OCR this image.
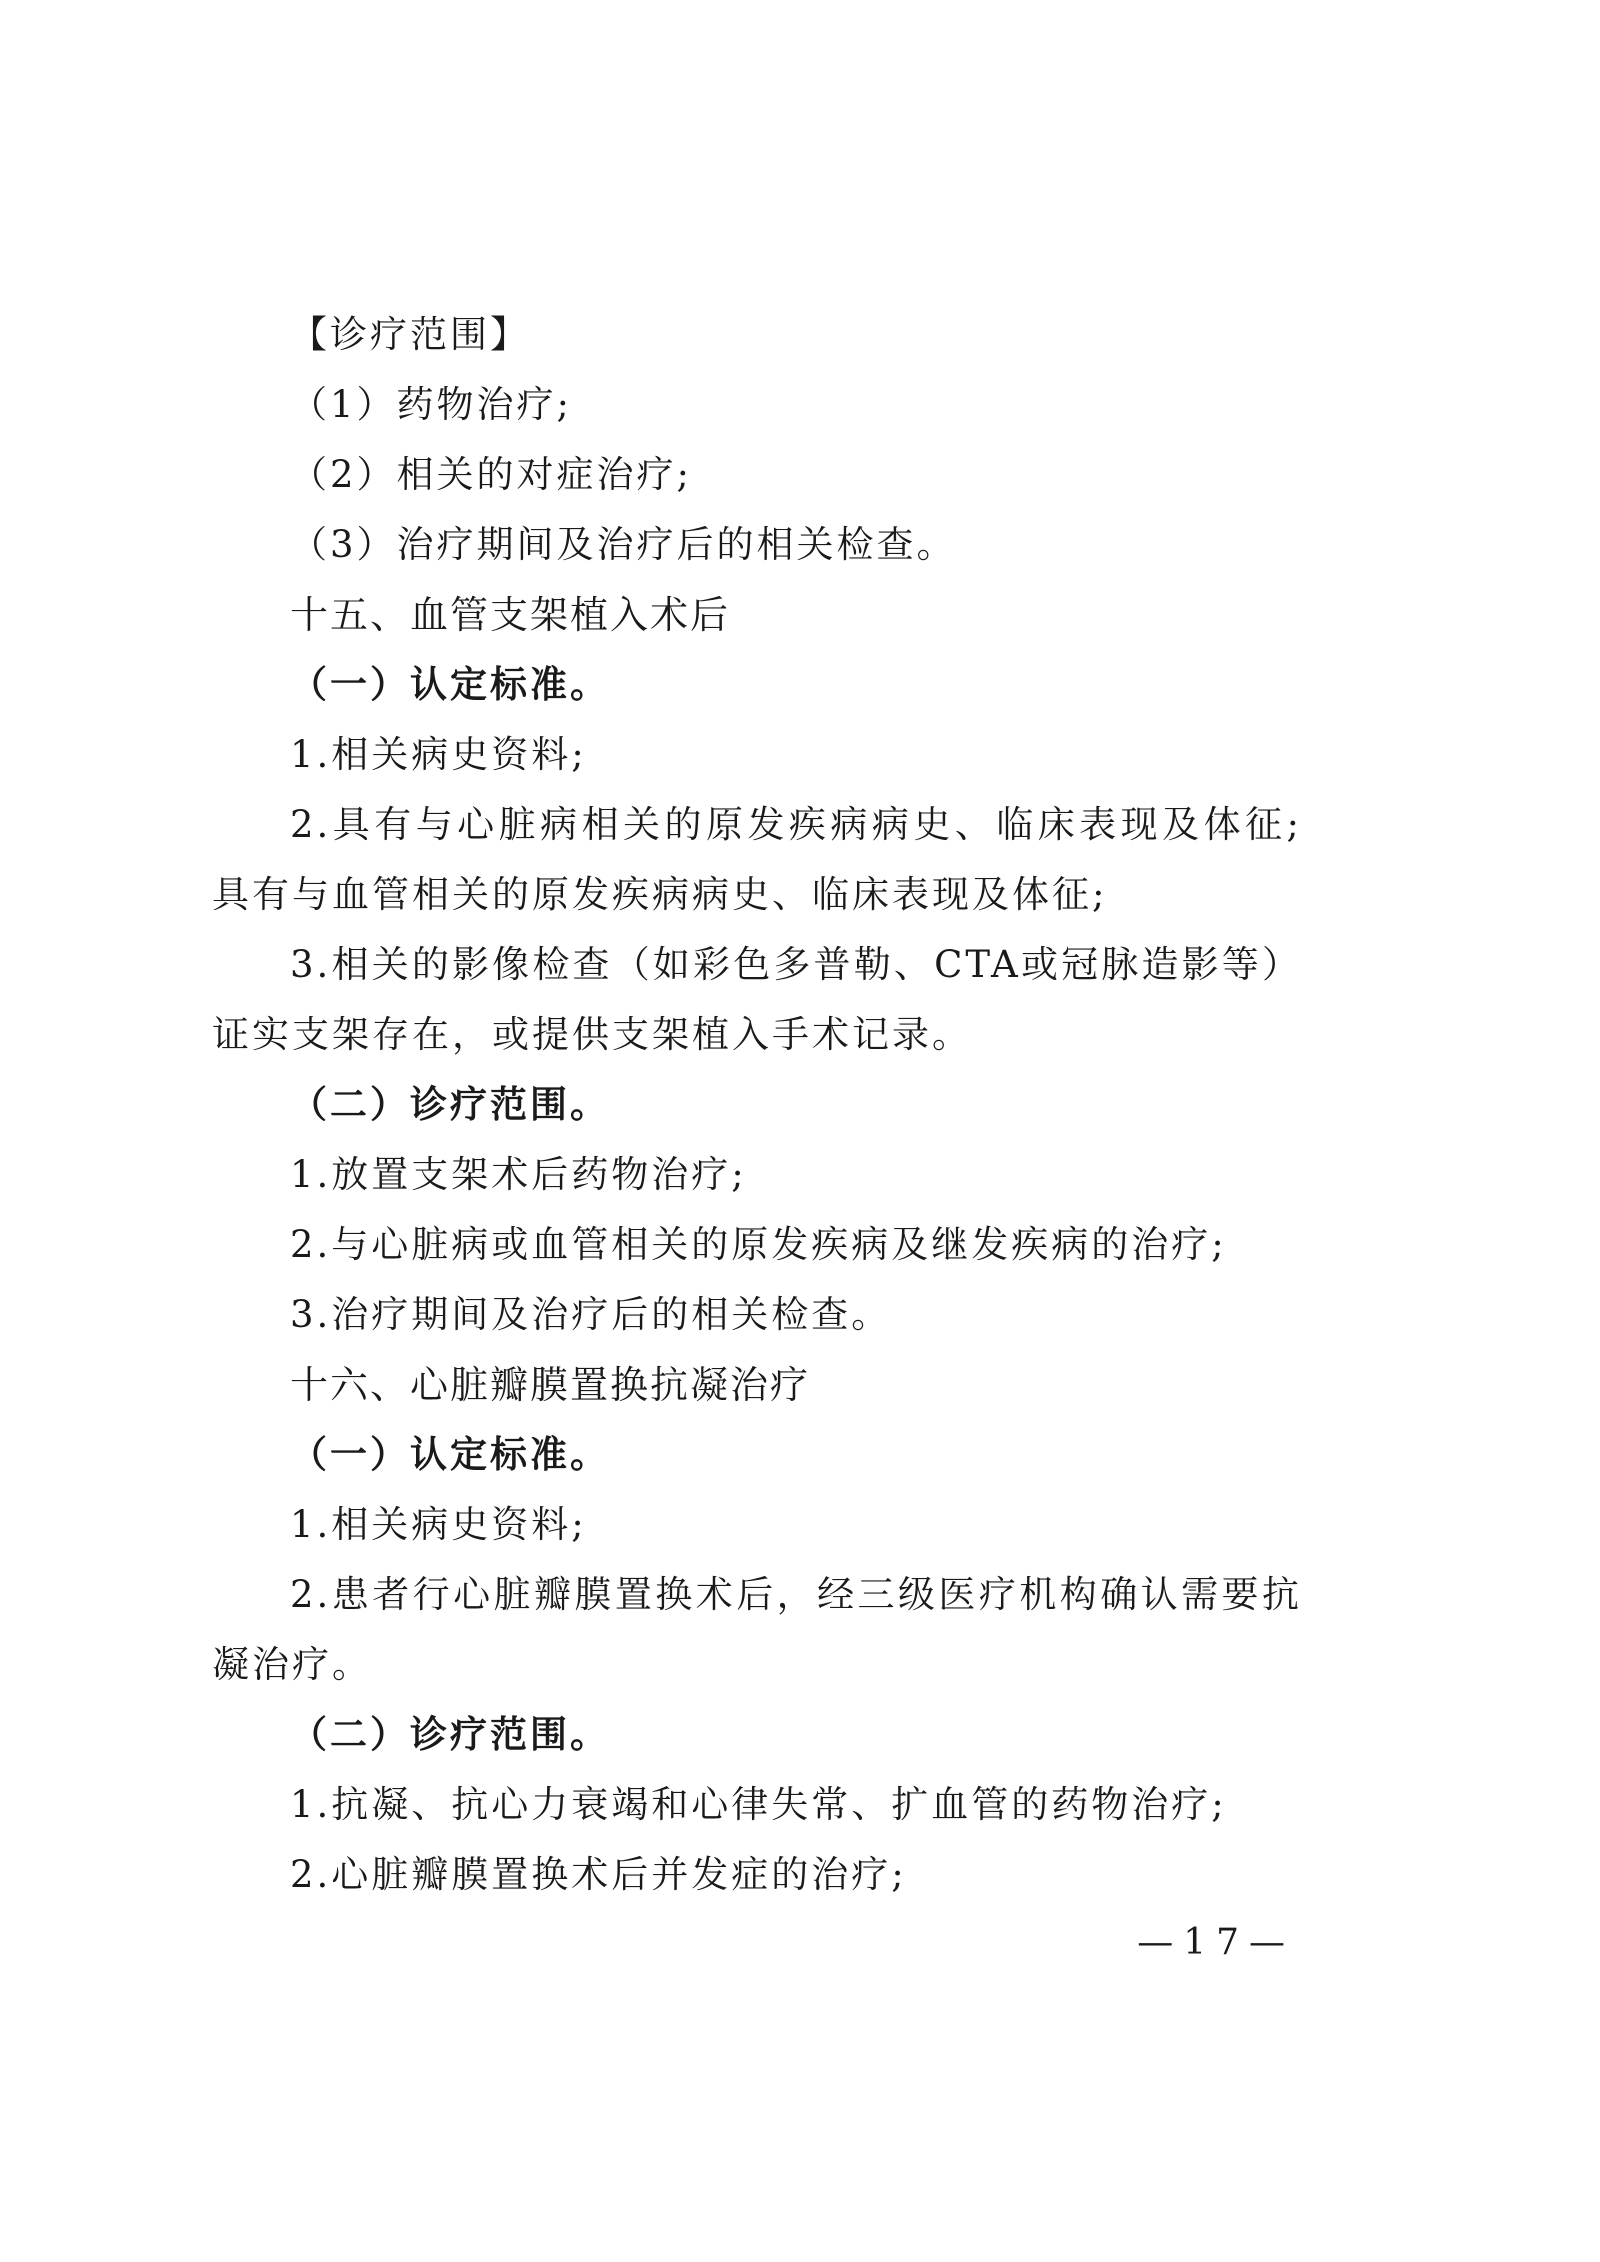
【诊疗范围】
（1）药物治疗;
（2）相关的对症治疗;
（3）治疗期间及治疗后的相关检查。
十五、血管支架植入术后
（一）认定标准。
1.相关病史资料;
2.具有与心脏病相关的原发疾病病史、临床表现及体征;具有与血管相关的原发疾病病史、临床表现及体征;
3.相关的影像检查（如彩色多普勒、CTA或冠脉造影等）证实支架存在，或提供支架植入手术记录。
（二）诊疗范围。
1.放置支架术后药物治疗;
2.与心脏病或血管相关的原发疾病及继发疾病的治疗;
3.治疗期间及治疗后的相关检查。
十六、心脏瓣膜置换抗凝治疗
（一）认定标准。
1.相关病史资料;
2.患者行心脏瓣膜置换术后，经三级医疗机构确认需要抗凝治疗。
（二）诊疗范围。
1.抗凝、抗心力衰竭和心律失常、扩血管的药物治疗;
2.心脏瓣膜置换术后并发症的治疗;
—17—
